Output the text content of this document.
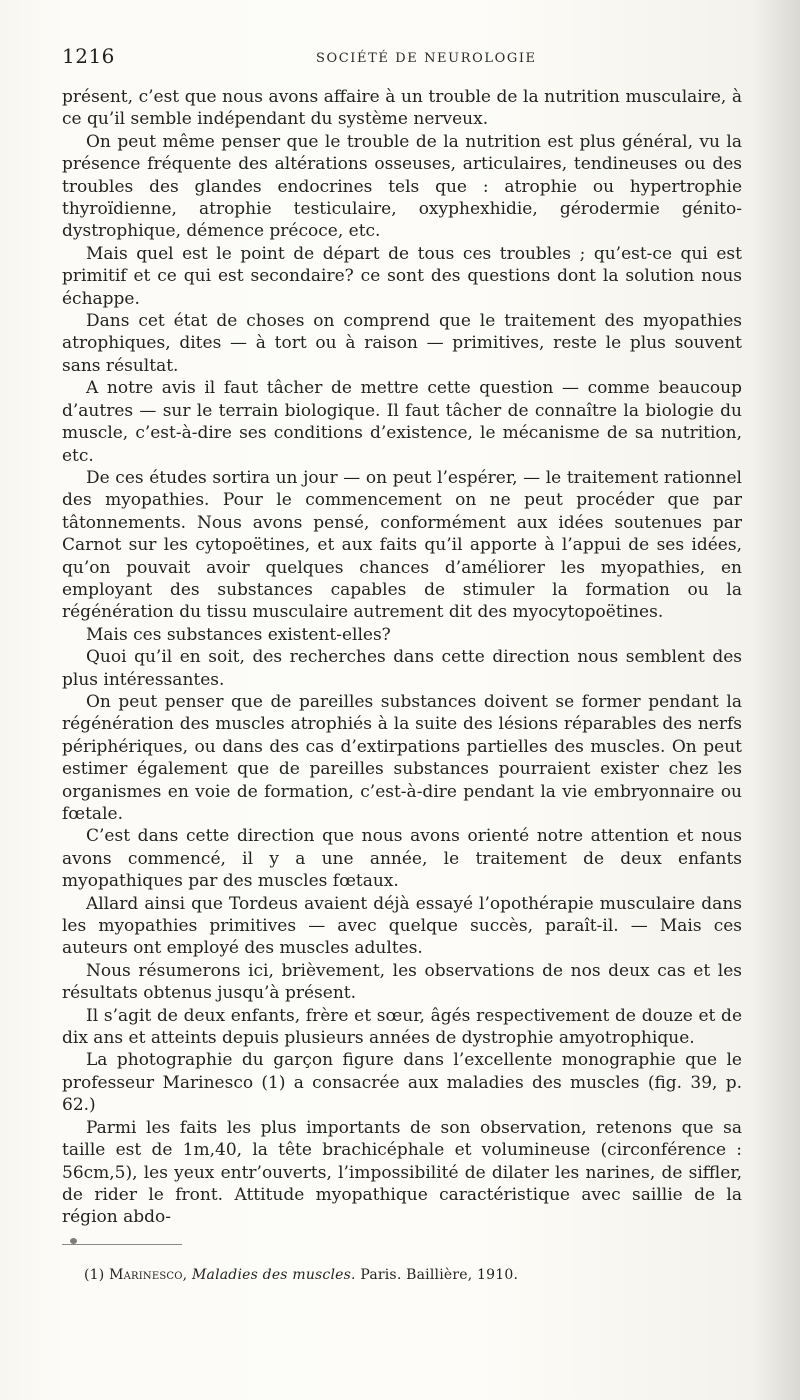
1216	SOCIÉTÉ DE NEUROLOGIE

présent, c’est que nous avons affaire à un trouble de la nutrition musculaire, à ce qu’il semble indépendant du système nerveux.

On peut même penser que le trouble de la nutrition est plus général, vu la présence fréquente des altérations osseuses, articulaires, tendineuses ou des troubles des glandes endocrines tels que : atrophie ou hypertrophie thyroïdienne, atrophie testiculaire, oxyphexhidie, gérodermie génito-dystrophique, démence précoce, etc.

Mais quel est le point de départ de tous ces troubles ; qu’est-ce qui est primitif et ce qui est secondaire? ce sont des questions dont la solution nous échappe.

Dans cet état de choses on comprend que le traitement des myopathies atrophiques, dites — à tort ou à raison — primitives, reste le plus souvent sans résultat.

A notre avis il faut tâcher de mettre cette question — comme beaucoup d’autres — sur le terrain biologique. Il faut tâcher de connaître la biologie du muscle, c’est-à-dire ses conditions d’existence, le mécanisme de sa nutrition, etc.

De ces études sortira un jour — on peut l’espérer, — le traitement rationnel des myopathies. Pour le commencement on ne peut procéder que par tâtonnements. Nous avons pensé, conformément aux idées soutenues par Carnot sur les cytopoëtines, et aux faits qu’il apporte à l’appui de ses idées, qu’on pouvait avoir quelques chances d’améliorer les myopathies, en employant des substances capables de stimuler la formation ou la régénération du tissu musculaire autrement dit des myocytopoëtines.

Mais ces substances existent-elles?

Quoi qu’il en soit, des recherches dans cette direction nous semblent des plus intéressantes.

On peut penser que de pareilles substances doivent se former pendant la régénération des muscles atrophiés à la suite des lésions réparables des nerfs périphériques, ou dans des cas d’extirpations partielles des muscles. On peut estimer également que de pareilles substances pourraient exister chez les organismes en voie de formation, c’est-à-dire pendant la vie embryonnaire ou fœtale.

C’est dans cette direction que nous avons orienté notre attention et nous avons commencé, il y a une année, le traitement de deux enfants myopathiques par des muscles fœtaux.

Allard ainsi que Tordeus avaient déjà essayé l’opothérapie musculaire dans les myopathies primitives — avec quelque succès, paraît-il. — Mais ces auteurs ont employé des muscles adultes.

Nous résumerons ici, brièvement, les observations de nos deux cas et les résultats obtenus jusqu’à présent.

Il s’agit de deux enfants, frère et sœur, âgés respectivement de douze et de dix ans et atteints depuis plusieurs années de dystrophie amyotrophique.

La photographie du garçon figure dans l’excellente monographie que le professeur Marinesco (1) a consacrée aux maladies des muscles (fig. 39, p. 62.)

Parmi les faits les plus importants de son observation, retenons que sa taille est de 1m,40, la tête brachicéphale et volumineuse (circonférence : 56cm,5), les yeux entr’ouverts, l’impossibilité de dilater les narines, de siffler, de rider le front. Attitude myopathique caractéristique avec saillie de la région abdo-

(1) Marinesco, Maladies des muscles. Paris. Baillière, 1910.
